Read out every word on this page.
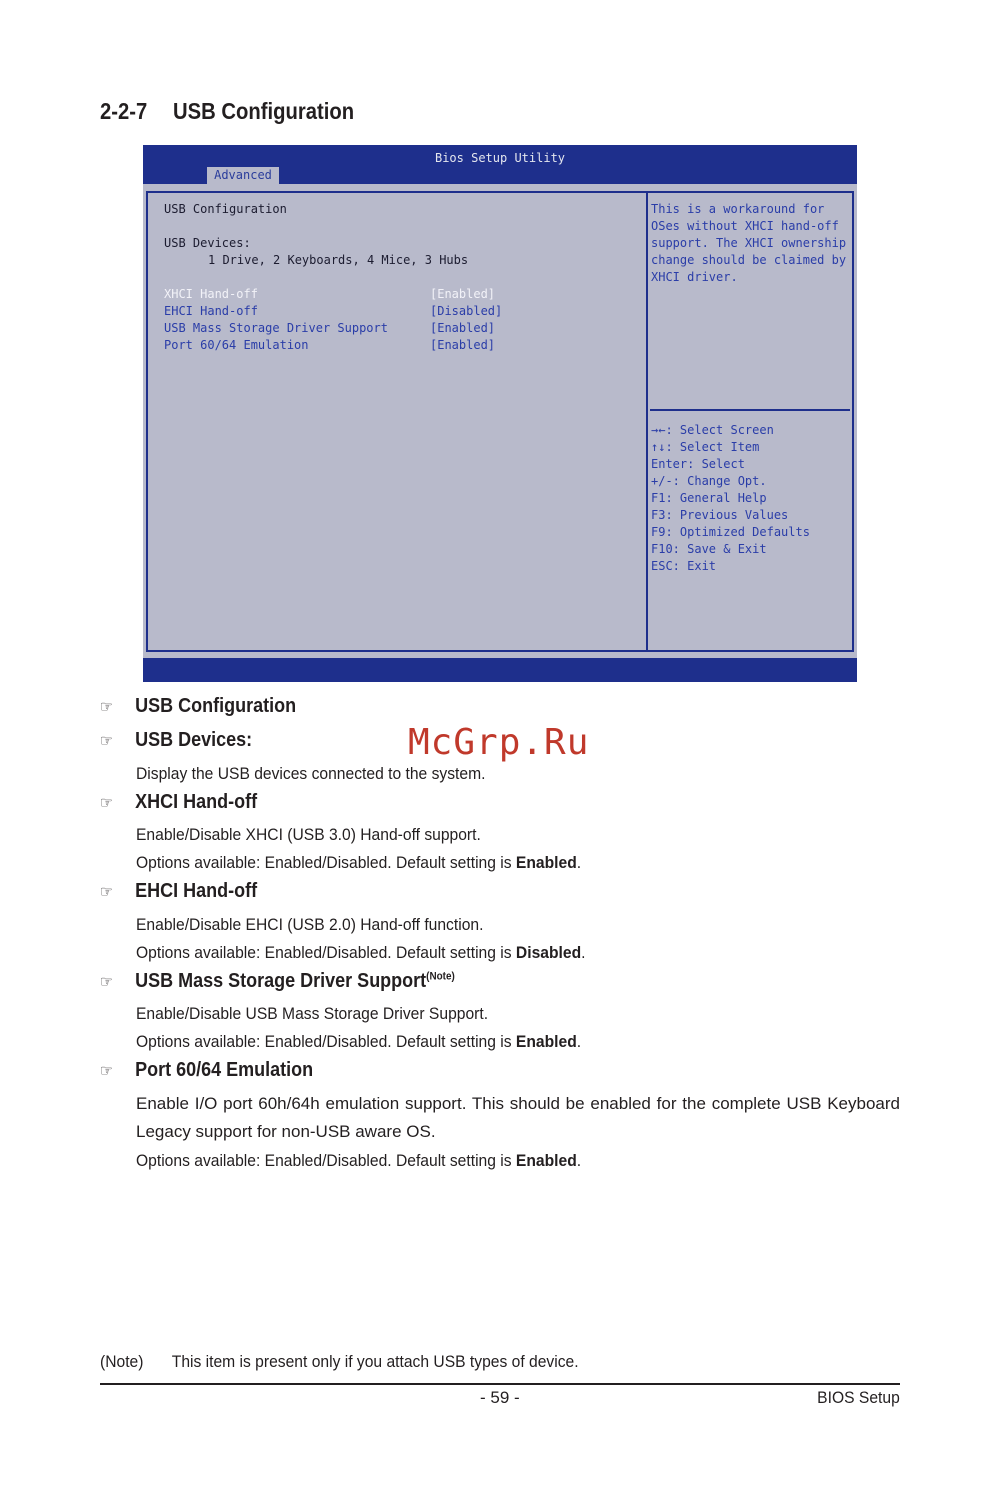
2-2-7 USB Configuration
Bios Setup Utility
Advanced
USB Configuration
USB Devices:
1 Drive, 2 Keyboards, 4 Mice, 3 Hubs
XHCI Hand-off	[Enabled]
EHCI Hand-off	[Disabled]
USB Mass Storage Driver Support	[Enabled]
Port 60/64 Emulation	[Enabled]
This is a workaround for OSes without XHCI hand-off support. The XHCI ownership change should be claimed by XHCI driver.
→←: Select Screen
↑↓: Select Item
Enter: Select
+/-: Change Opt.
F1: General Help
F3: Previous Values
F9: Optimized Defaults
F10: Save & Exit
ESC: Exit
☞ USB Configuration
☞ USB Devices:
Display the USB devices connected to the system.
McGrp.Ru
☞ XHCI Hand-off
Enable/Disable XHCI (USB 3.0) Hand-off support.
Options available: Enabled/Disabled. Default setting is Enabled.
☞ EHCI Hand-off
Enable/Disable EHCI (USB 2.0) Hand-off function.
Options available: Enabled/Disabled. Default setting is Disabled.
☞ USB Mass Storage Driver Support$^{(Note)}$
Enable/Disable USB Mass Storage Driver Support.
Options available: Enabled/Disabled. Default setting is Enabled.
☞ Port 60/64 Emulation
Enable I/O port 60h/64h emulation support. This should be enabled for the complete USB Keyboard Legacy support for non-USB aware OS.
Options available: Enabled/Disabled. Default setting is Enabled.
(Note) This item is present only if you attach USB types of device.
- 59 -	BIOS Setup
